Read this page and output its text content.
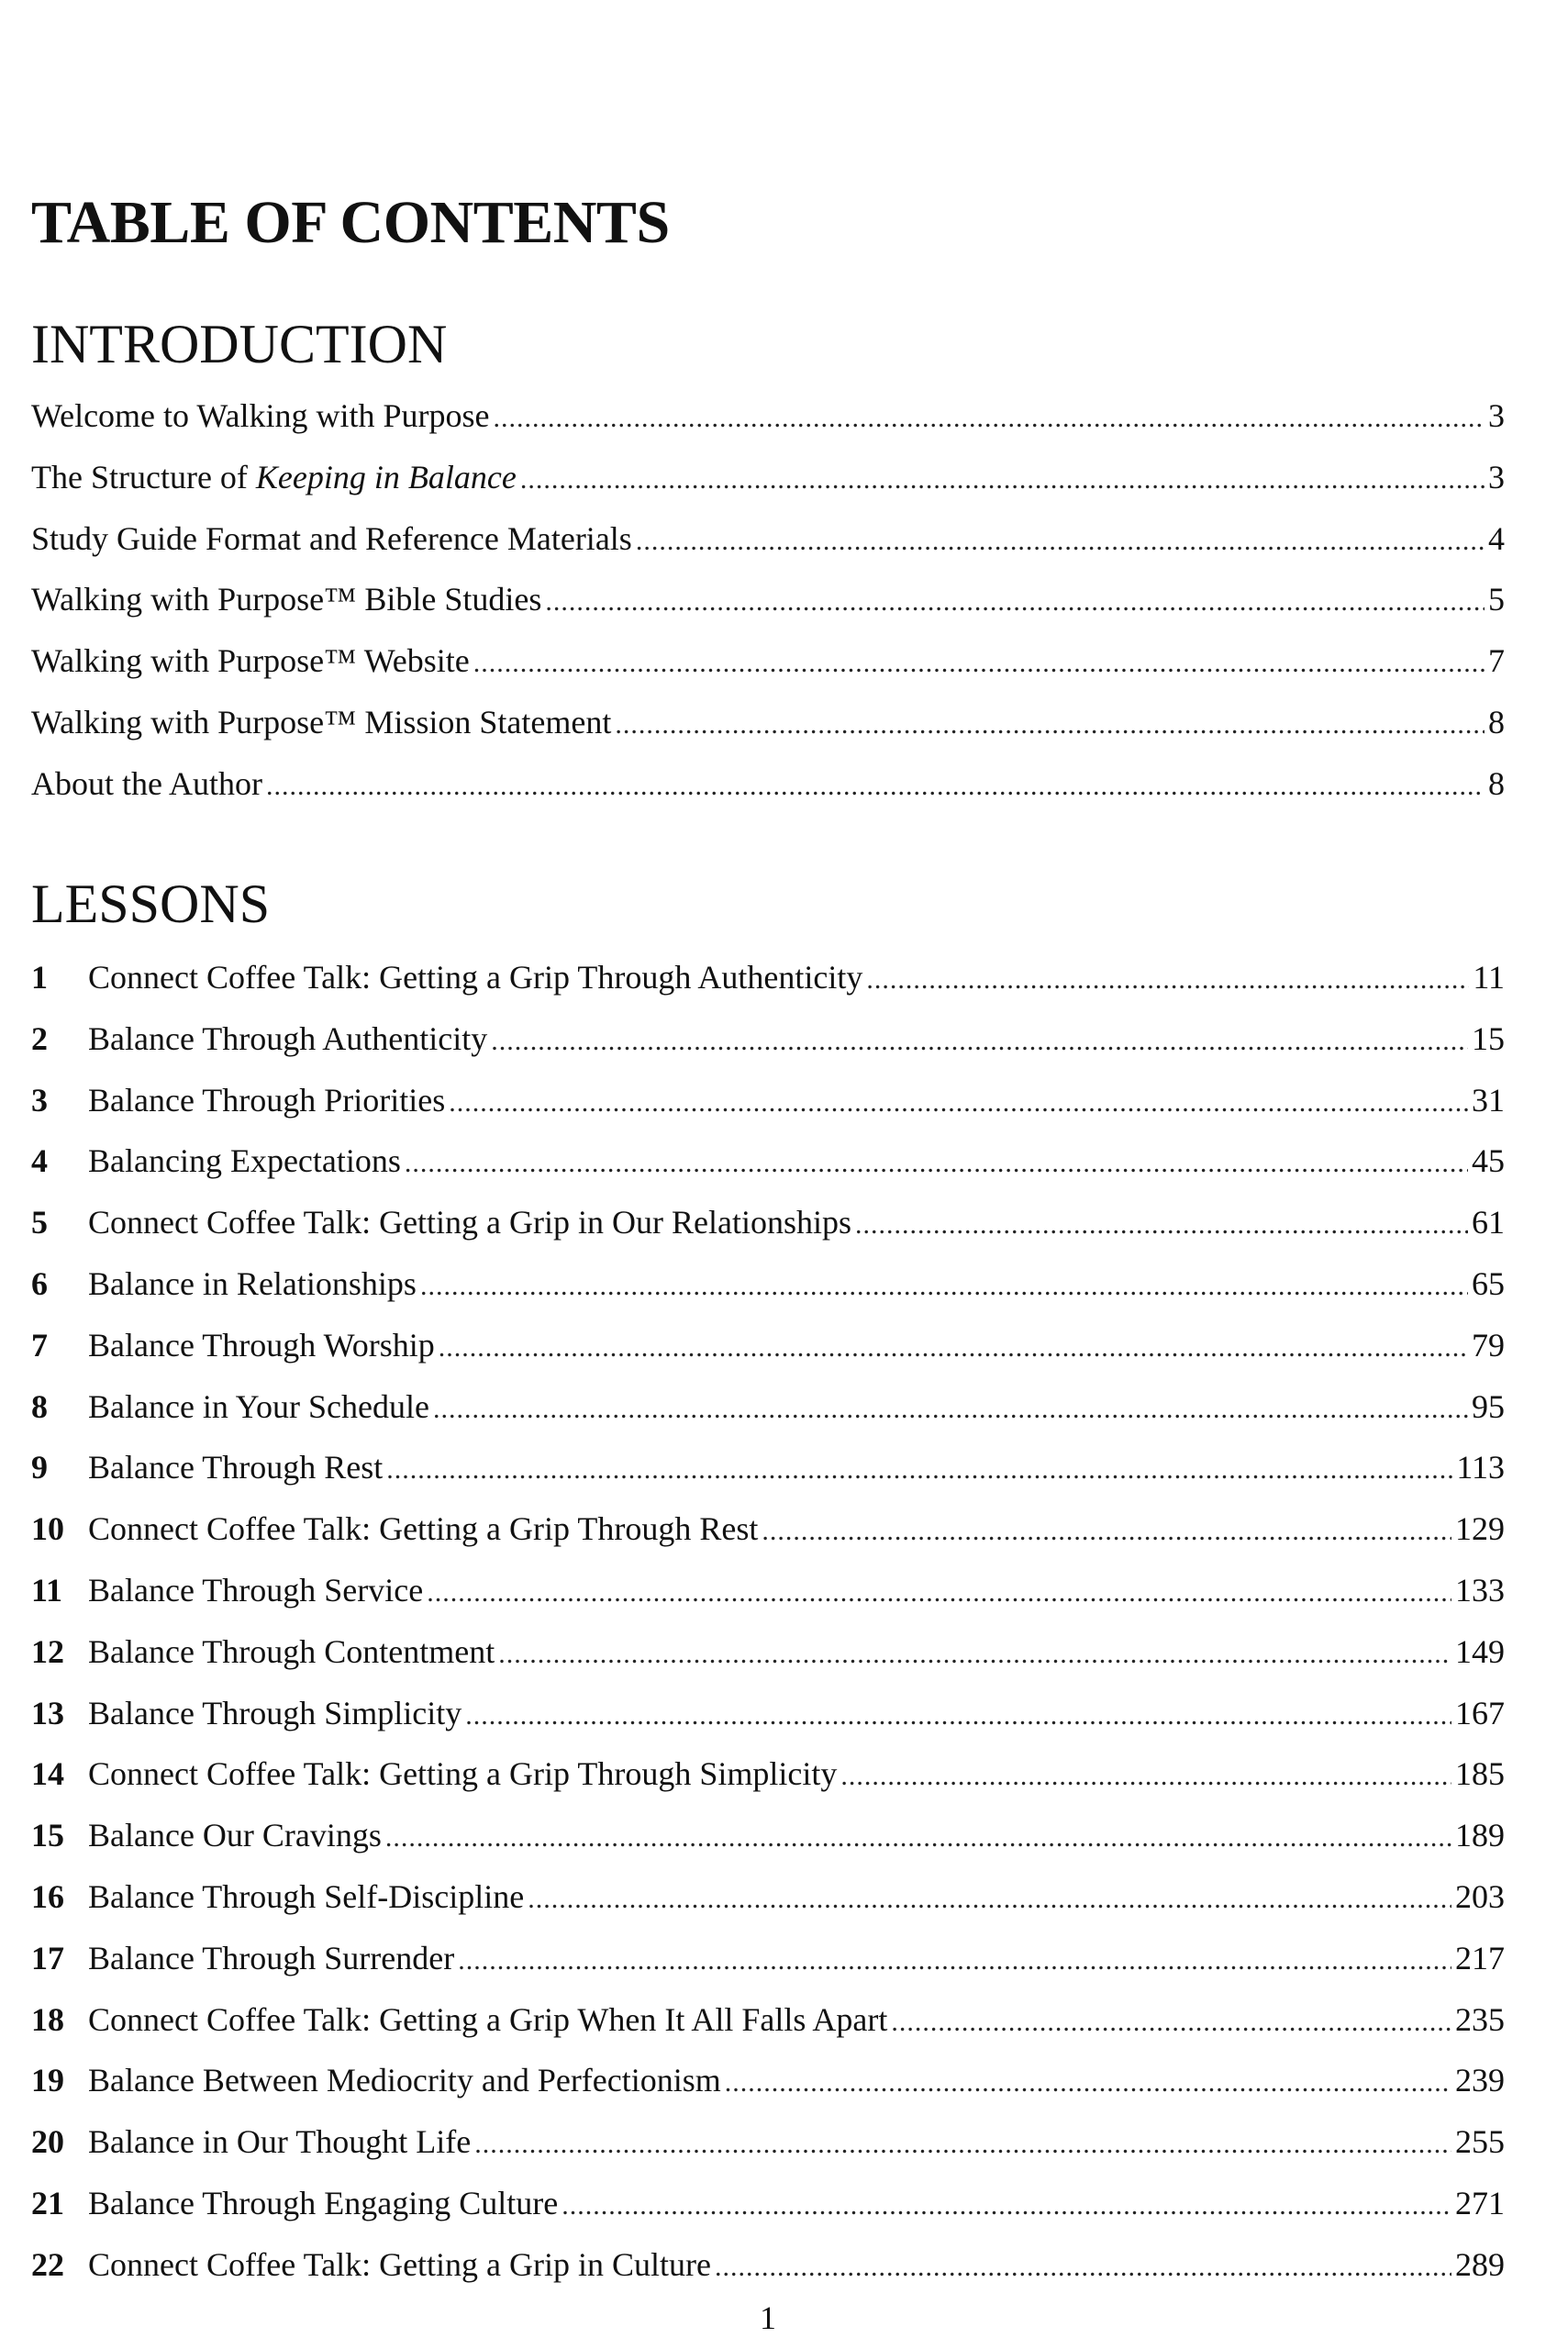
TABLE OF CONTENTS
INTRODUCTION
Welcome to Walking with Purpose .....	3
The Structure of Keeping in Balance .....	3
Study Guide Format and Reference Materials .....	4
Walking with Purpose™ Bible Studies .....	5
Walking with Purpose™ Website .....	7
Walking with Purpose™ Mission Statement .....	8
About the Author .....	8
LESSONS
1	Connect Coffee Talk: Getting a Grip Through Authenticity .....	11
2	Balance Through Authenticity .....	15
3	Balance Through Priorities .....	31
4	Balancing Expectations .....	45
5	Connect Coffee Talk: Getting a Grip in Our Relationships .....	61
6	Balance in Relationships .....	65
7	Balance Through Worship .....	79
8	Balance in Your Schedule .....	95
9	Balance Through Rest .....	113
10 Connect Coffee Talk: Getting a Grip Through Rest .....	129
11 Balance Through Service .....	133
12 Balance Through Contentment .....	149
13 Balance Through Simplicity .....	167
14 Connect Coffee Talk: Getting a Grip Through Simplicity .....	185
15 Balance Our Cravings .....	189
16 Balance Through Self-Discipline .....	203
17 Balance Through Surrender .....	217
18 Connect Coffee Talk: Getting a Grip When It All Falls Apart .....	235
19 Balance Between Mediocrity and Perfectionism .....	239
20 Balance in Our Thought Life .....	255
21 Balance Through Engaging Culture .....	271
22 Connect Coffee Talk: Getting a Grip in Culture .....	289

1
